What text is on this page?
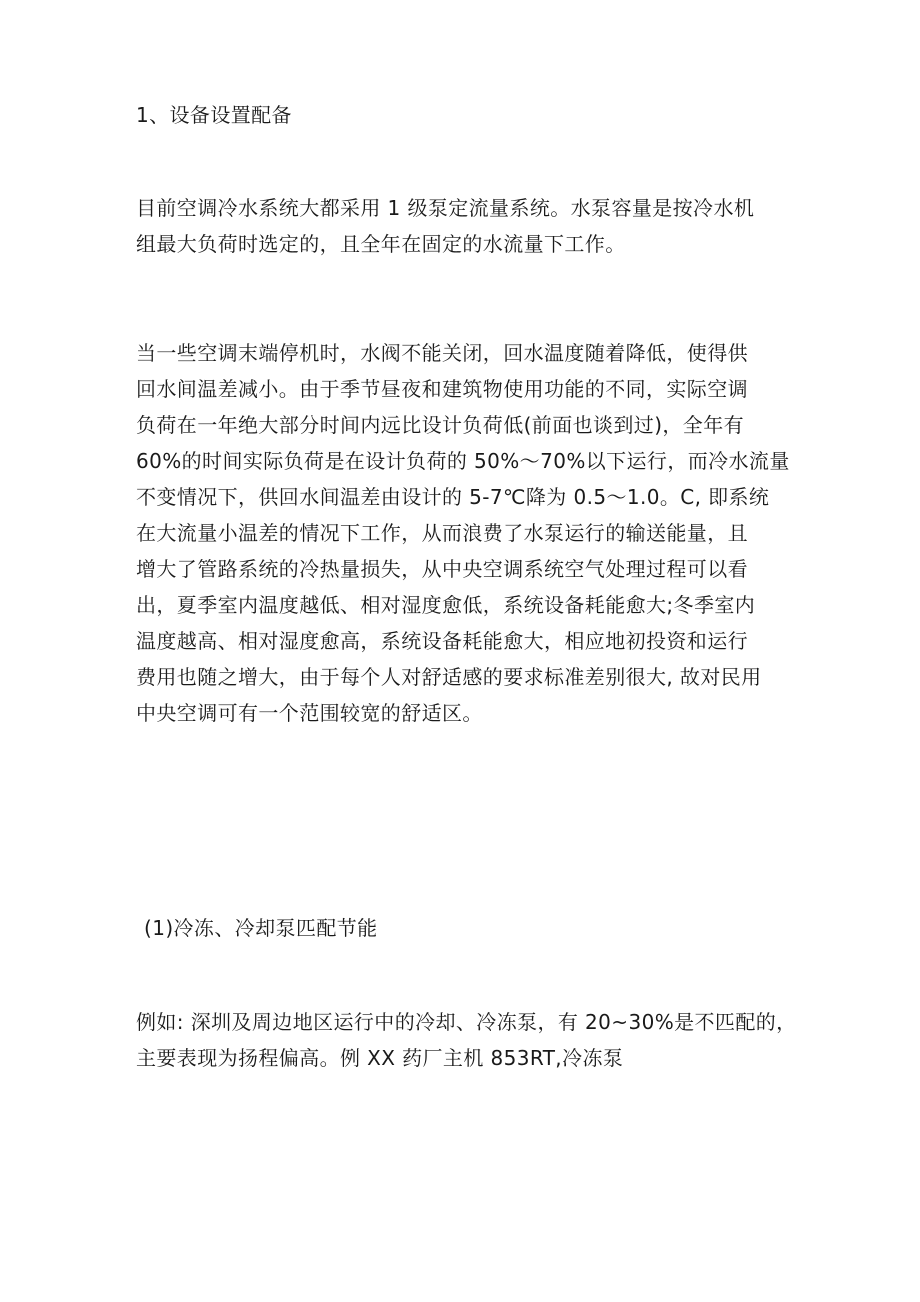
1、设备设置配备

目前空调冷水系统大都采用 1 级泵定流量系统。水泵容量是按冷水机
组最大负荷时选定的，且全年在固定的水流量下工作。

当一些空调末端停机时，水阀不能关闭，回水温度随着降低，使得供
回水间温差减小。由于季节昼夜和建筑物使用功能的不同，实际空调
负荷在一年绝大部分时间内远比设计负荷低(前面也谈到过)，全年有
60%的时间实际负荷是在设计负荷的 50%～70%以下运行，而冷水流量
不变情况下，供回水间温差由设计的 5-7℃降为 0.5～1.0。C, 即系统
在大流量小温差的情况下工作，从而浪费了水泵运行的输送能量，且
增大了管路系统的冷热量损失，从中央空调系统空气处理过程可以看
出，夏季室内温度越低、相对湿度愈低，系统设备耗能愈大;冬季室内
温度越高、相对湿度愈高，系统设备耗能愈大，相应地初投资和运行
费用也随之增大，由于每个人对舒适感的要求标准差别很大, 故对民用
中央空调可有一个范围较宽的舒适区。

(1)冷冻、冷却泵匹配节能

例如: 深圳及周边地区运行中的冷却、冷冻泵，有 20~30%是不匹配的，
主要表现为扬程偏高。例 XX 药厂主机 853RT,冷冻泵
